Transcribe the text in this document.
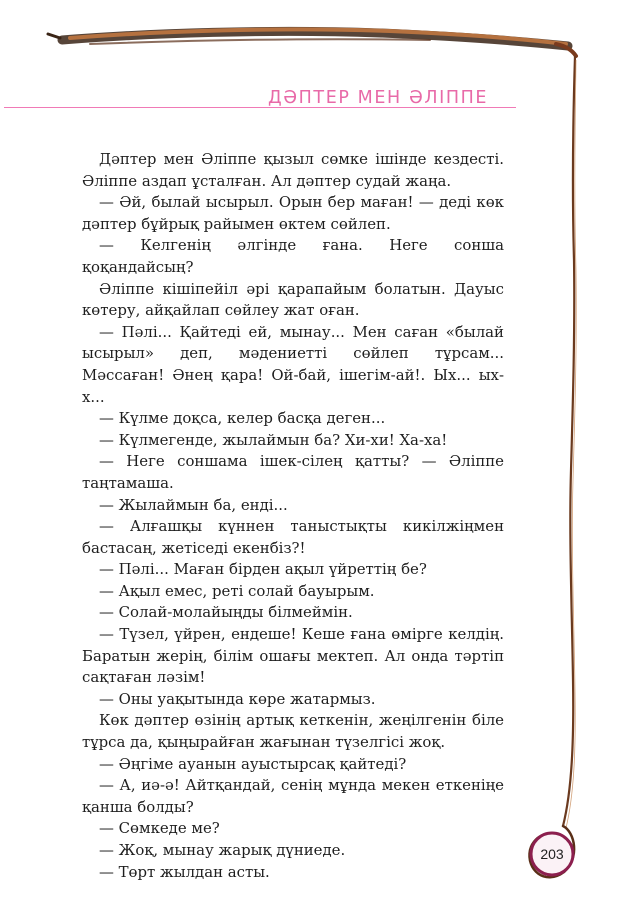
ДӘПТЕР МЕН ӘЛІППЕ

Дәптер мен Әліппе қызыл сөмке ішінде кездесті. Әліппе аздап ұсталған. Ал дәптер судай жаңа.

— Әй, былай ысырыл. Орын бер маған! — деді көк дәптер бұйрық райымен өктем сөйлеп.

— Келгенің әлгінде ғана. Неге сонша қоқандайсың?

Әліппе кішіпейіл әрі қарапайым болатын. Дауыс көтеру, айқайлап сөйлеу жат оған.

— Пәлі... Қайтеді ей, мынау... Мен саған «былай ысырыл» деп, мәдениетті сөйлеп тұрсам... Мәссаған! Әнең қара! Ой-бай, ішегім-ай!. Ых... ых-х...

— Күлме доқса, келер басқа деген...

— Күлмегенде, жылаймын ба? Хи-хи! Ха-ха!

— Неге соншама ішек-сілең қатты? — Әліппе таңтамаша.

— Жылаймын ба, енді...

— Алғашқы күннен таныстықты кикілжіңмен бастасаң, жетіседі екенбіз?!

— Пәлі... Маған бірден ақыл үйреттің бе?

— Ақыл емес, реті солай бауырым.

— Солай-молайыңды білмеймін.

— Түзел, үйрен, ендеше! Кеше ғана өмірге келдің. Баратын жерің, білім ошағы мектеп. Ал онда тәртіп сақтаған ләзім!

— Оны уақытында көре жатармыз.

Көк дәптер өзінің артық кеткенін, жеңілгенін біле тұрса да, қыңырайған жағынан түзелгісі жоқ.

— Әңгіме ауанын ауыстырсақ қайтеді?

— А, иә-ә! Айтқандай, сенің мұнда мекен еткеніңе қанша болды?

— Сөмкеде ме?

— Жоқ, мынау жарық дүниеде.

— Төрт жылдан асты.

203
